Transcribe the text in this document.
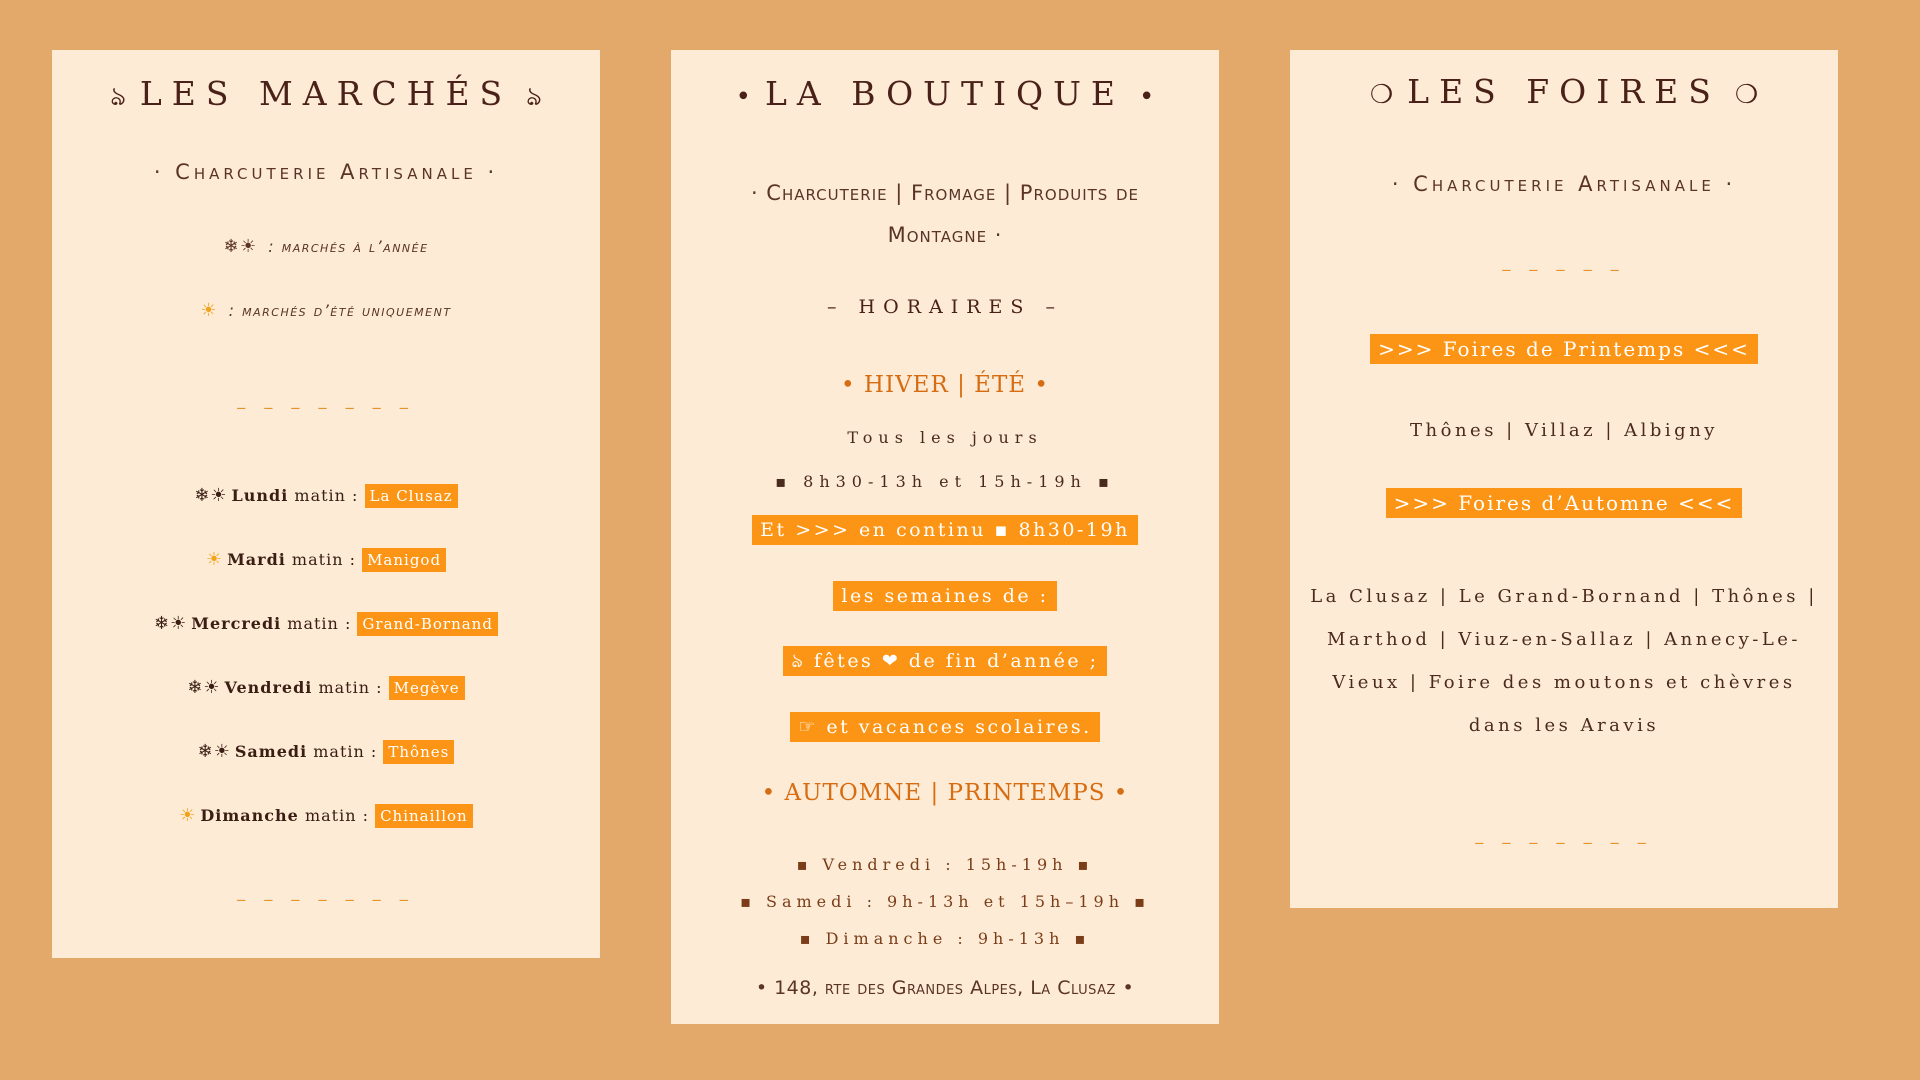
ঌ LES MARCHÉS ঌ
· Charcuterie Artisanale ·
❄☀ : marchés à l’année
☀ : marchés d’été uniquement
_ _ _ _ _ _ _
❄☀ Lundi matin : La Clusaz
☀ Mardi matin : Manigod
❄☀ Mercredi matin : Grand-Bornand
❄☀ Vendredi matin : Megève
❄☀ Samedi matin : Thônes
☀ Dimanche matin : Chinaillon
_ _ _ _ _ _ _
• LA BOUTIQUE •
· Charcuterie | Fromage | Produits de
Montagne ·
– HORAIRES –
• HIVER | ÉTÉ •
Tous les jours
▪ 8h30-13h et 15h-19h ▪
Et >>> en continu ▪ 8h30-19h
les semaines de :
ঌ fêtes ❤ de fin d’année ;
☞ et vacances scolaires.
• AUTOMNE | PRINTEMPS •
▪ Vendredi : 15h-19h ▪
▪ Samedi : 9h-13h et 15h–19h ▪
▪ Dimanche : 9h-13h ▪
• 148, rte des Grandes Alpes, La Clusaz •
❍ LES FOIRES ❍
· Charcuterie Artisanale ·
_ _ _ _ _
>>> Foires de Printemps <<<
Thônes | Villaz | Albigny
>>> Foires d’Automne <<<
La Clusaz | Le Grand-Bornand | Thônes | Marthod | Viuz-en-Sallaz | Annecy-Le-Vieux | Foire des moutons et chèvres dans les Aravis
_ _ _ _ _ _ _
